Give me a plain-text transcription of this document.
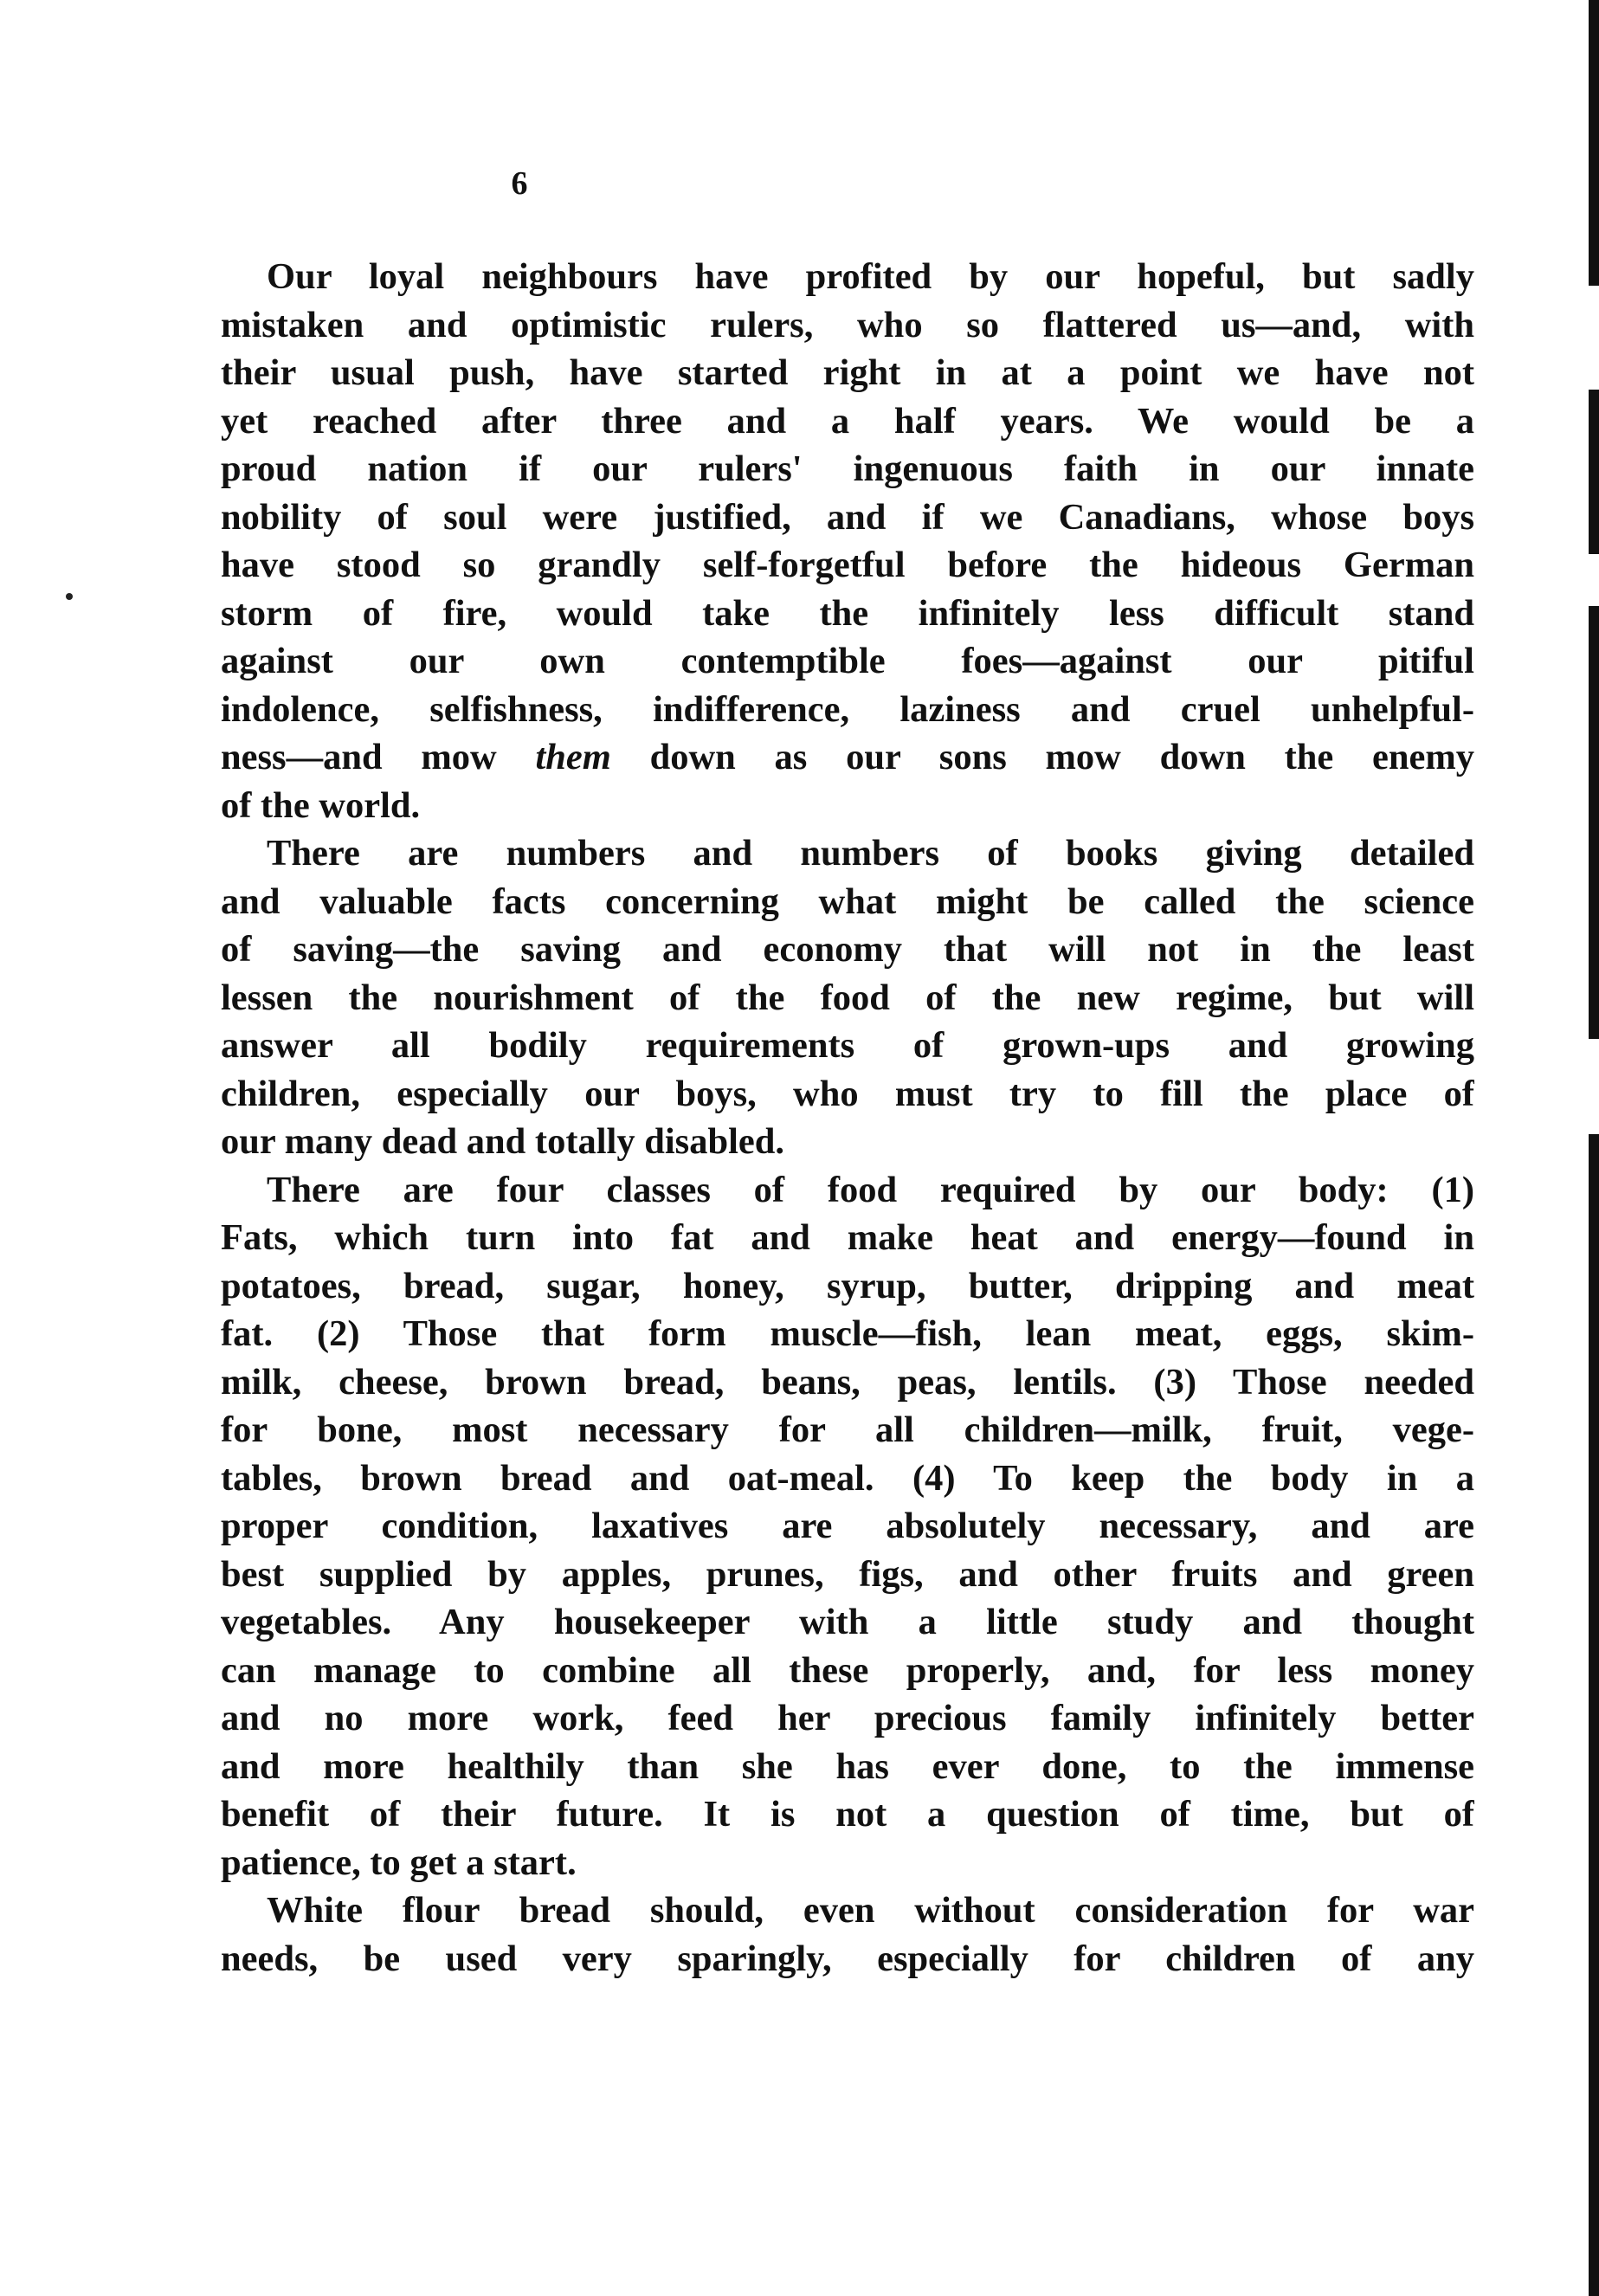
6
Our loyal neighbours have profited by our hopeful, but sadly
mistaken and optimistic rulers, who so flattered us—and, with
their usual push, have started right in at a point we have not
yet reached after three and a half years. We would be a
proud nation if our rulers' ingenuous faith in our innate
nobility of soul were justified, and if we Canadians, whose boys
have stood so grandly self-forgetful before the hideous German
storm of fire, would take the infinitely less difficult stand
against our own contemptible foes—against our pitiful
indolence, selfishness, indifference, laziness and cruel unhelpful-
ness—and mow them down as our sons mow down the enemy
of the world.
There are numbers and numbers of books giving detailed
and valuable facts concerning what might be called the science
of saving—the saving and economy that will not in the least
lessen the nourishment of the food of the new regime, but will
answer all bodily requirements of grown-ups and growing
children, especially our boys, who must try to fill the place of
our many dead and totally disabled.
There are four classes of food required by our body: (1)
Fats, which turn into fat and make heat and energy—found in
potatoes, bread, sugar, honey, syrup, butter, dripping and meat
fat. (2) Those that form muscle—fish, lean meat, eggs, skim-
milk, cheese, brown bread, beans, peas, lentils. (3) Those needed
for bone, most necessary for all children—milk, fruit, vege-
tables, brown bread and oat-meal. (4) To keep the body in a
proper condition, laxatives are absolutely necessary, and are
best supplied by apples, prunes, figs, and other fruits and green
vegetables. Any housekeeper with a little study and thought
can manage to combine all these properly, and, for less money
and no more work, feed her precious family infinitely better
and more healthily than she has ever done, to the immense
benefit of their future. It is not a question of time, but of
patience, to get a start.
White flour bread should, even without consideration for war
needs, be used very sparingly, especially for children of any
